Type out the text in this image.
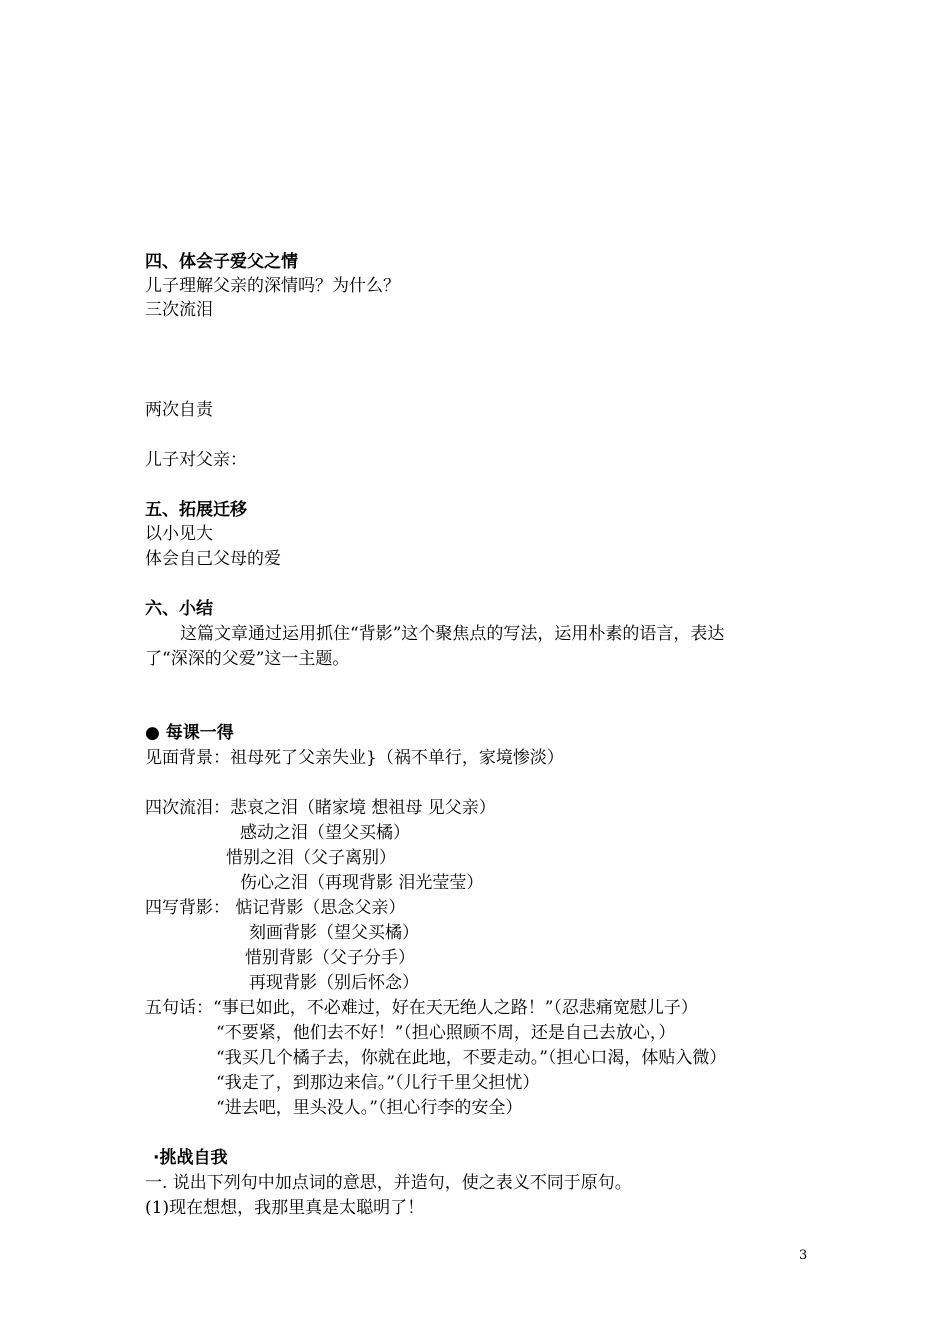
四、体会子爱父之情
儿子理解父亲的深情吗？为什么？
三次流泪
两次自责
儿子对父亲：
五、拓展迁移
以小见大
体会自己父母的爱
六、小结
这篇文章通过运用抓住“背影”这个聚焦点的写法，运用朴素的语言，表达
了“深深的父爱”这一主题。
● 每课一得
见面背景：祖母死了父亲失业}（祸不单行，家境惨淡）
四次流泪：悲哀之泪（睹家境 想祖母 见父亲）
感动之泪（望父买橘）
惜别之泪（父子离别）
伤心之泪（再现背影 泪光莹莹）
四写背影： 惦记背影（思念父亲）
刻画背影（望父买橘）
惜别背影（父子分手）
再现背影（别后怀念）
五句话：“事已如此，不必难过，好在天无绝人之路！”（忍悲痛宽慰儿子）
“不要紧，他们去不好！”（担心照顾不周，还是自己去放心，）
“我买几个橘子去，你就在此地，不要走动。”（担心口渴，体贴入微）
“我走了，到那边来信。”（儿行千里父担忧）
“进去吧，里头没人。”（担心行李的安全）
·挑战自我
一. 说出下列句中加点词的意思，并造句，使之表义不同于原句。
(1)现在想想，我那里真是太聪明了！
3
